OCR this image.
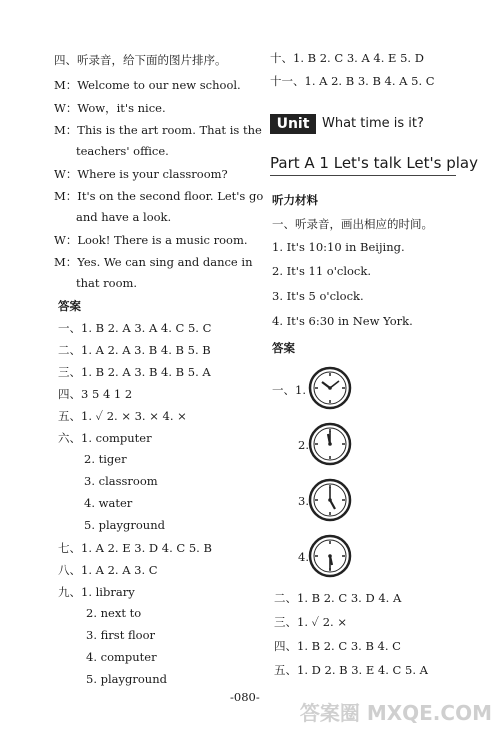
四、听录音，给下面的图片排序。
M：Welcome to our new school.
W：Wow，it's nice.
M：This is the art room. That is the
teachers' office.
W：Where is your classroom?
M：It's on the second floor. Let's go
and have a look.
W：Look! There is a music room.
M：Yes. We can sing and dance in
that room.
答案
一、1. B 2. A 3. A 4. C 5. C
二、1. A 2. A 3. B 4. B 5. B
三、1. B 2. A 3. B 4. B 5. A
四、3 5 4 1 2
五、1. ✓ 2. × 3. × 4. ×
六、1. computer
2. tiger
3. classroom
4. water
5. playground
七、1. A 2. E 3. D 4. C 5. B
八、1. A 2. A 3. C
九、1. library
2. next to
3. first floor
4. computer
5. playground
十、1. B 2. C 3. A 4. E 5. D
十一、1. A 2. B 3. B 4. A 5. C
Unit 2
What time is it?
Part A 1 Let's talk Let's play
听力材料
一、听录音，画出相应的时间。
1. It's 10:10 in Beijing.
2. It's 11 o'clock.
3. It's 5 o'clock.
4. It's 6:30 in New York.
答案
一、1.
2.
3.
4.
二、1. B 2. C 3. D 4. A
三、1. ✓ 2. ×
四、1. B 2. C 3. B 4. C
五、1. D 2. B 3. E 4. C 5. A
-080-
答案圈 MXQE.COM
